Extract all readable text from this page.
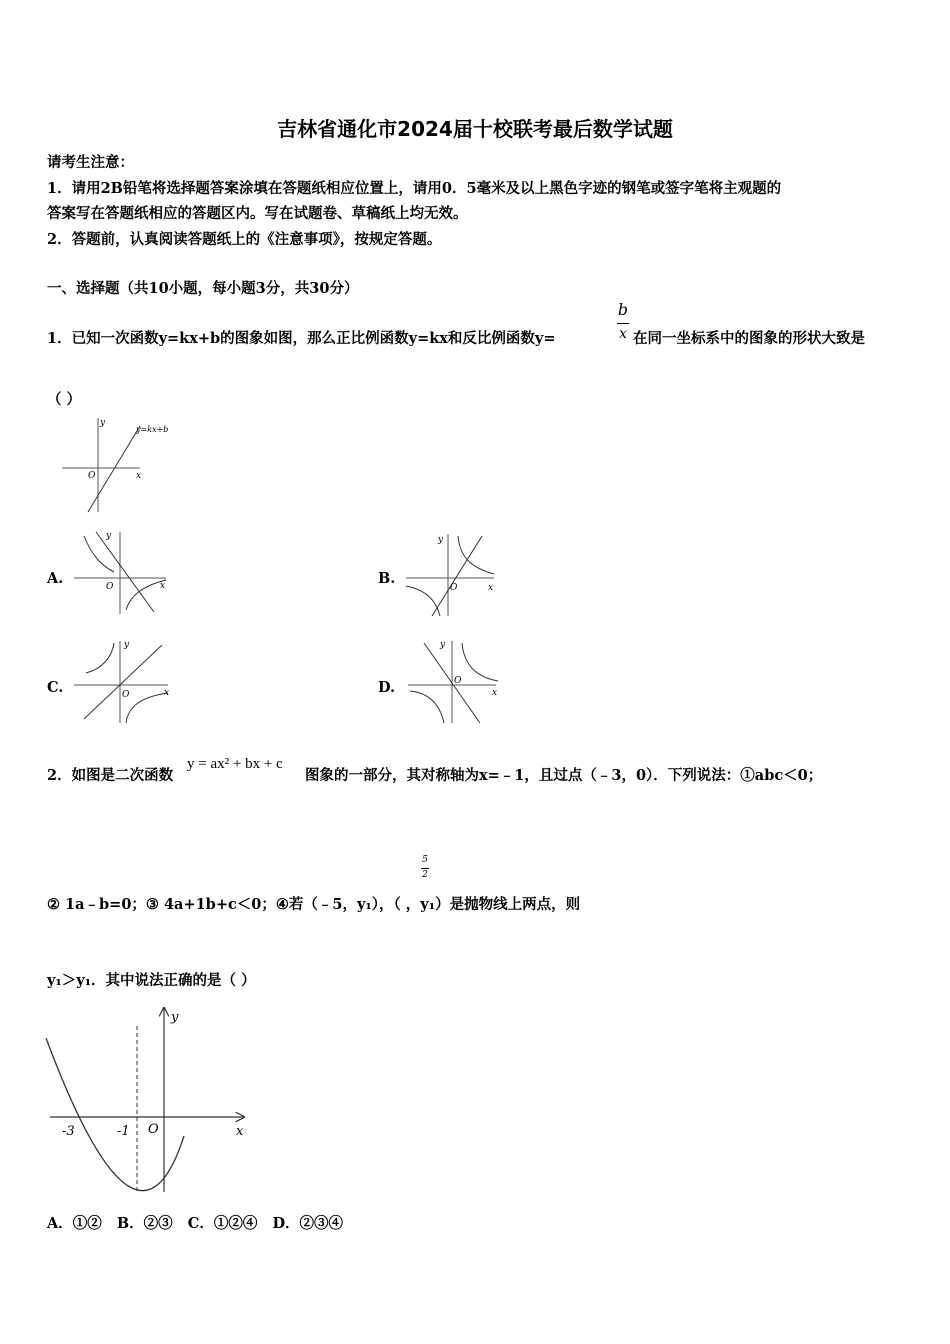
吉林省通化市2024届十校联考最后数学试题
请考生注意：
1．请用2B铅笔将选择题答案涂填在答题纸相应位置上，请用0．5毫米及以上黑色字迹的钢笔或签字笔将主观题的
答案写在答题纸相应的答题区内。写在试题卷、草稿纸上均无效。
2．答题前，认真阅读答题纸上的《注意事项》，按规定答题。
一、选择题（共10小题，每小题3分，共30分）
1．已知一次函数y=kx+b的图象如图，那么正比例函数y=kx和反比例函数y=
b
x 在同一坐标系中的图象的形状大致是
（ ）
y
x
O
y=kx+b
A.
y
x
O	B.
y
x
O
C.
y
x
O	D.
y
x
O
2．如图是二次函数
y = ax² + bx + c
图象的一部分，其对称轴为x=﹣1，且过点（﹣3，0）．下列说法：①abc＜0；
5
2
② 1a﹣b=0；③ 4a+1b+c＜0；④若（﹣5，y₁），（ ，y₁）是抛物线上两点，则
y₁＞y₁．其中说法正确的是（ ）
-3	-1 O	x
y
A．①②   B．②③   C．①②④   D．②③④
